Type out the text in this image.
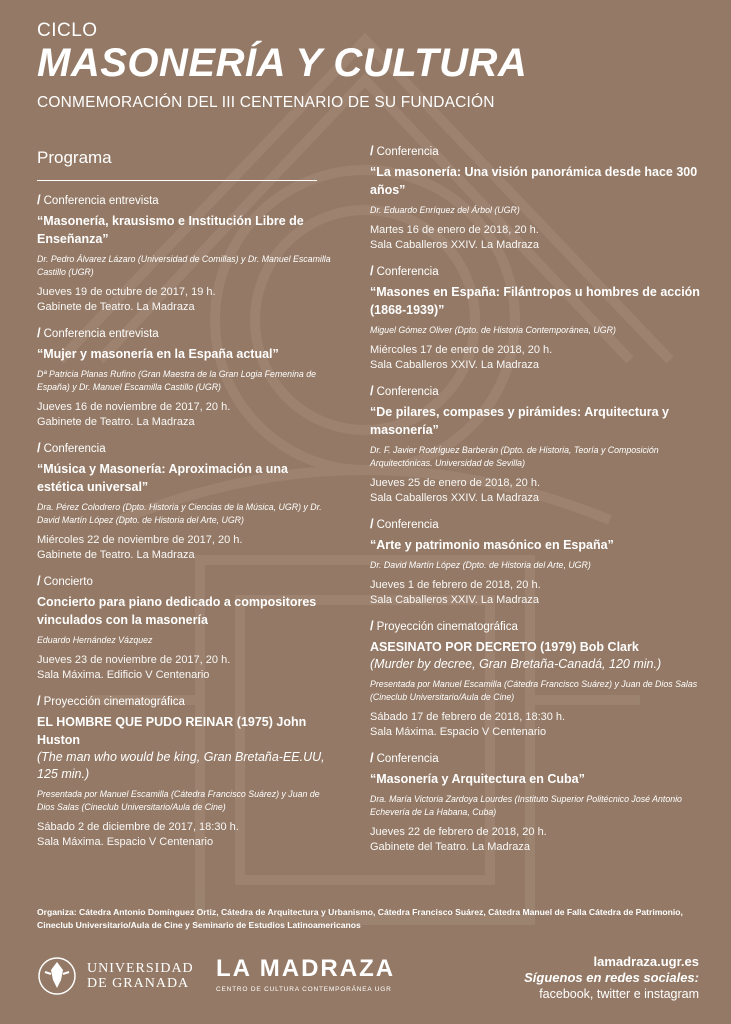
CICLO
MASONERÍA Y CULTURA
CONMEMORACIÓN DEL III CENTENARIO DE SU FUNDACIÓN
Programa
/ Conferencia entrevista
“Masonería, krausismo e Institución Libre de Enseñanza”
Dr. Pedro Álvarez Lázaro (Universidad de Comillas) y Dr. Manuel Escamilla Castillo (UGR)
Jueves 19 de octubre de 2017, 19 h.
Gabinete de Teatro. La Madraza
/ Conferencia entrevista
“Mujer y masonería en la España actual”
Dª Patricia Planas Rufino (Gran Maestra de la Gran Logia Femenina de España) y Dr. Manuel Escamilla Castillo (UGR)
Jueves 16 de noviembre de 2017, 20 h.
Gabinete de Teatro. La Madraza
/ Conferencia
“Música y Masonería: Aproximación a una estética universal”
Dra. Pérez Colodrero (Dpto. Historia y Ciencias de la Música, UGR) y Dr. David Martín López (Dpto. de Historia del Arte, UGR)
Miércoles 22 de noviembre de 2017, 20 h.
Gabinete de Teatro. La Madraza
/ Concierto
Concierto para piano dedicado a compositores vinculados con la masonería
Eduardo Hernández Vázquez
Jueves 23 de noviembre de 2017, 20 h.
Sala Máxima. Edificio V Centenario
/ Proyección cinematográfica
EL HOMBRE QUE PUDO REINAR (1975) John Huston
(The man who would be king, Gran Bretaña-EE.UU, 125 min.)
Presentada por Manuel Escamilla (Cátedra Francisco Suárez) y Juan de Dios Salas (Cineclub Universitario/Aula de Cine)
Sábado 2 de diciembre de 2017, 18:30 h.
Sala Máxima. Espacio V Centenario
/ Conferencia
“La masonería: Una visión panorámica desde hace 300 años”
Dr. Eduardo Enríquez del Árbol (UGR)
Martes 16 de enero de 2018, 20 h.
Sala Caballeros XXIV. La Madraza
/ Conferencia
“Masones en España: Filántropos u hombres de acción (1868-1939)”
Miguel Gómez Oliver (Dpto. de Historia Contemporánea, UGR)
Miércoles 17 de enero de 2018, 20 h.
Sala Caballeros XXIV. La Madraza
/ Conferencia
“De pilares, compases y pirámides: Arquitectura y masonería”
Dr. F. Javier Rodríguez Barberán (Dpto. de Historia, Teoría y Composición Arquitectónicas. Universidad de Sevilla)
Jueves 25 de enero de 2018, 20 h.
Sala Caballeros XXIV. La Madraza
/ Conferencia
“Arte y patrimonio masónico en España”
Dr. David Martín López (Dpto. de Historia del Arte, UGR)
Jueves 1 de febrero de 2018, 20 h.
Sala Caballeros XXIV. La Madraza
/ Proyección cinematográfica
ASESINATO POR DECRETO (1979) Bob Clark
(Murder by decree, Gran Bretaña-Canadá, 120 min.)
Presentada por Manuel Escamilla (Cátedra Francisco Suárez) y Juan de Dios Salas (Cineclub Universitario/Aula de Cine)
Sábado 17 de febrero de 2018, 18:30 h.
Sala Máxima. Espacio V Centenario
/ Conferencia
“Masonería y Arquitectura en Cuba”
Dra. María Victoria Zardoya Lourdes (Instituto Superior Politécnico José Antonio Echevería de La Habana, Cuba)
Jueves 22 de febrero de 2018, 20 h.
Gabinete del Teatro. La Madraza
Organiza: Cátedra Antonio Domínguez Ortiz, Cátedra de Arquitectura y Urbanismo, Cátedra Francisco Suárez, Cátedra Manuel de Falla Cátedra de Patrimonio, Cineclub Universitario/Aula de Cine y Seminario de Estudios Latinoamericanos
UNIVERSIDAD
DE GRANADA
LA MADRAZA
CENTRO DE CULTURA CONTEMPORÁNEA UGR
lamadraza.ugr.es
Síguenos en redes sociales:
facebook, twitter e instagram
